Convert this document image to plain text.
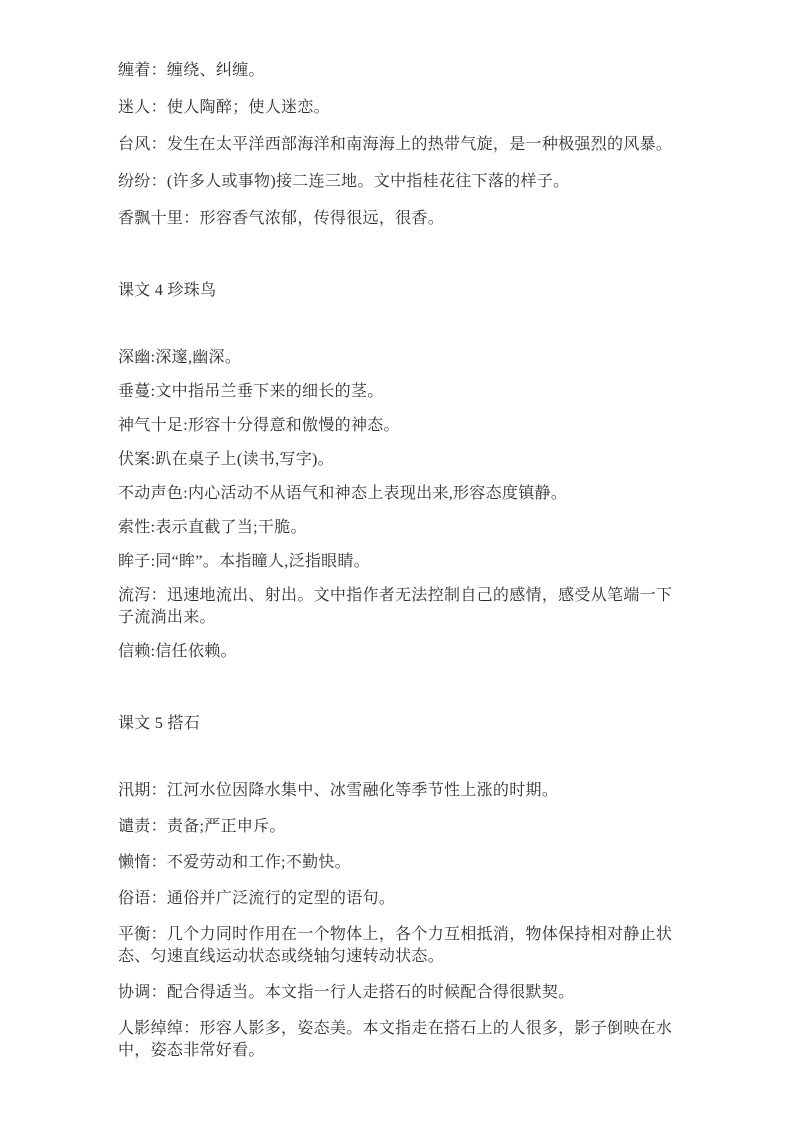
缠着：缠绕、纠缠。

迷人：使人陶醉；使人迷恋。

台风：发生在太平洋西部海洋和南海海上的热带气旋，是一种极强烈的风暴。

纷纷：(许多人或事物)接二连三地。文中指桂花往下落的样子。

香飘十里：形容香气浓郁，传得很远，很香。

课文 4 珍珠鸟

深幽:深邃,幽深。

垂蔓:文中指吊兰垂下来的细长的茎。

神气十足:形容十分得意和傲慢的神态。

伏案:趴在桌子上(读书,写字)。

不动声色:内心活动不从语气和神态上表现出来,形容态度镇静。

索性:表示直截了当;干脆。

眸子:同“眸”。本指瞳人,泛指眼睛。

流泻：迅速地流出、射出。文中指作者无法控制自己的感情，感受从笔端一下子流淌出来。

信赖:信任依赖。

课文 5 搭石

汛期：江河水位因降水集中、冰雪融化等季节性上涨的时期。

谴责：责备;严正申斥。

懒惰：不爱劳动和工作;不勤快。

俗语：通俗并广泛流行的定型的语句。

平衡：几个力同时作用在一个物体上，各个力互相抵消，物体保持相对静止状态、匀速直线运动状态或绕轴匀速转动状态。

协调：配合得适当。本文指一行人走搭石的时候配合得很默契。

人影绰绰：形容人影多，姿态美。本文指走在搭石上的人很多，影子倒映在水中，姿态非常好看。
